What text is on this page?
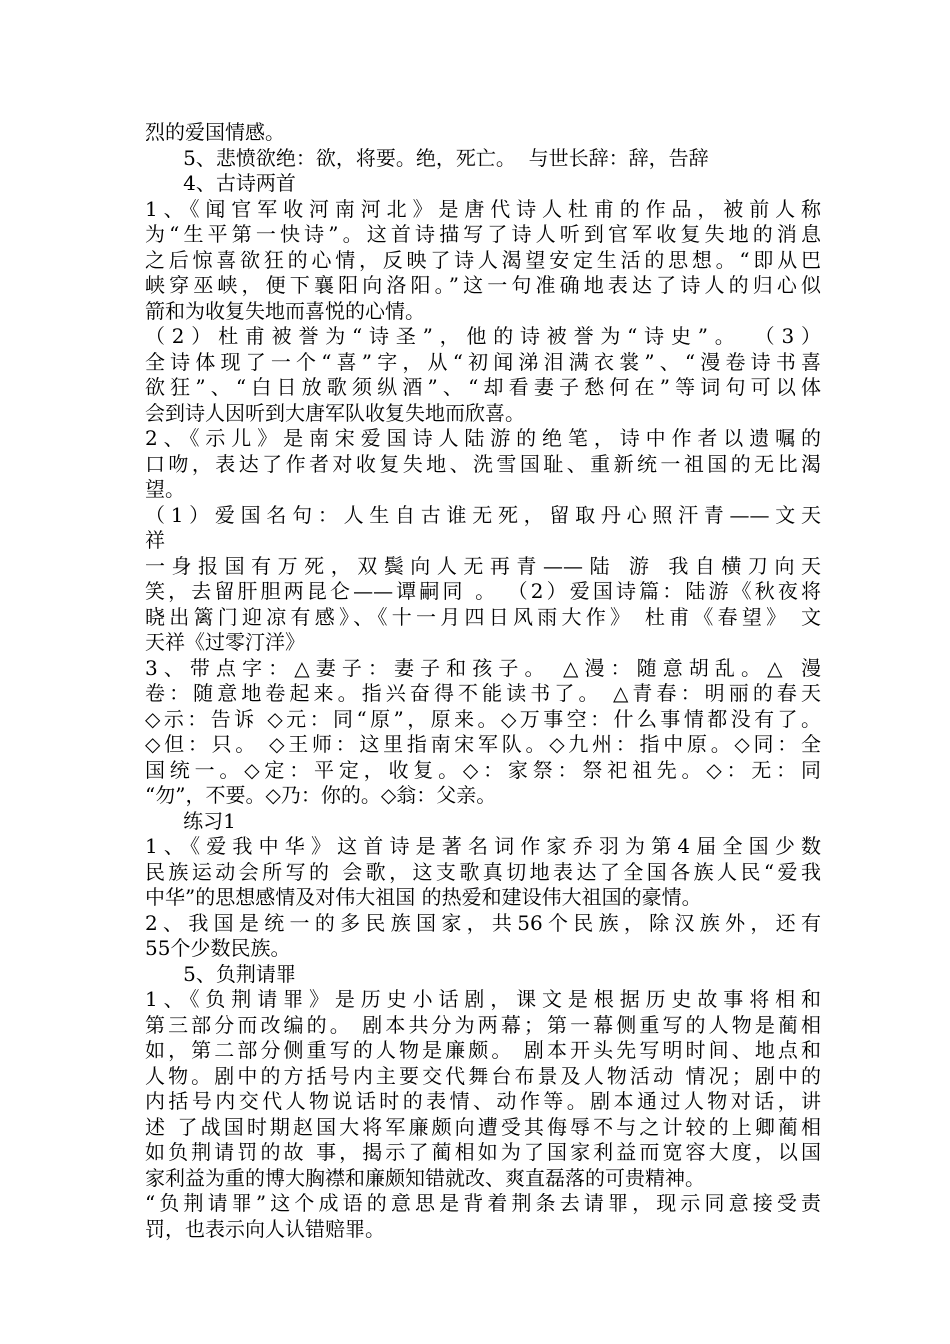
烈的爱国情感。
5、悲愤欲绝：欲，将要。绝，死亡。  与世长辞：辞，告辞
4、古诗两首
1、《闻官军收河南河北》是唐代诗人杜甫的作品，被前人称
为“生平第一快诗”。这首诗描写了诗人听到官军收复失地的消息
之后惊喜欲狂的心情，反映了诗人渴望安定生活的思想。“即从巴
峡穿巫峡，便下襄阳向洛阳。”这一句准确地表达了诗人的归心似
箭和为收复失地而喜悦的心情。
（2）杜甫被誉为“诗圣”，他的诗被誉为“诗史”。 （3）
全诗体现了一个“喜”字，从“初闻涕泪满衣裳”、“漫卷诗书喜
欲狂”、“白日放歌须纵酒”、“却看妻子愁何在”等词句可以体
会到诗人因听到大唐军队收复失地而欣喜。
2、《示儿》是南宋爱国诗人陆游的绝笔，诗中作者以遗嘱的
口吻，表达了作者对收复失地、洗雪国耻、重新统一祖国的无比渴
望。
（1）爱国名句：人生自古谁无死，留取丹心照汗青——文天
祥
一身报国有万死，双鬓向人无再青——陆 游 我自横刀向天
笑，去留肝胆两昆仑——谭嗣同 。 （2）爱国诗篇：陆游《秋夜将
晓出篱门迎凉有感》、《十一月四日风雨大作》 杜甫《春望》 文
天祥《过零汀洋》
3、带点字：△妻子：妻子和孩子。 △漫：随意胡乱。△ 漫
卷：随意地卷起来。指兴奋得不能读书了。 △青春：明丽的春天
◇示：告诉 ◇元：同“原”，原来。◇万事空：什么事情都没有了。
◇但：只。 ◇王师：这里指南宋军队。◇九州：指中原。◇同：全
国统一。◇定：平定，收复。◇：家祭：祭祀祖先。◇：无：同
“勿”，不要。◇乃：你的。◇翁：父亲。
练习1
1、《爱我中华》这首诗是著名词作家乔羽为第4届全国少数
民族运动会所写的 会歌，这支歌真切地表达了全国各族人民“爱我
中华”的思想感情及对伟大祖国 的热爱和建设伟大祖国的豪情。
2、我国是统一的多民族国家，共56个民族，除汉族外，还有
55个少数民族。
5、负荆请罪
1、《负荆请罪》是历史小话剧，课文是根据历史故事将相和
第三部分而改编的。 剧本共分为两幕；第一幕侧重写的人物是蔺相
如，第二部分侧重写的人物是廉颇。 剧本开头先写明时间、地点和
人物。剧中的方括号内主要交代舞台布景及人物活动 情况；剧中的
内括号内交代人物说话时的表情、动作等。剧本通过人物对话，讲
述 了战国时期赵国大将军廉颇向遭受其侮辱不与之计较的上卿蔺相
如负荆请罚的故 事，揭示了蔺相如为了国家利益而宽容大度，以国
家利益为重的博大胸襟和廉颇知错就改、爽直磊落的可贵精神。
“负荆请罪”这个成语的意思是背着荆条去请罪，现示同意接受责
罚，也表示向人认错赔罪。
